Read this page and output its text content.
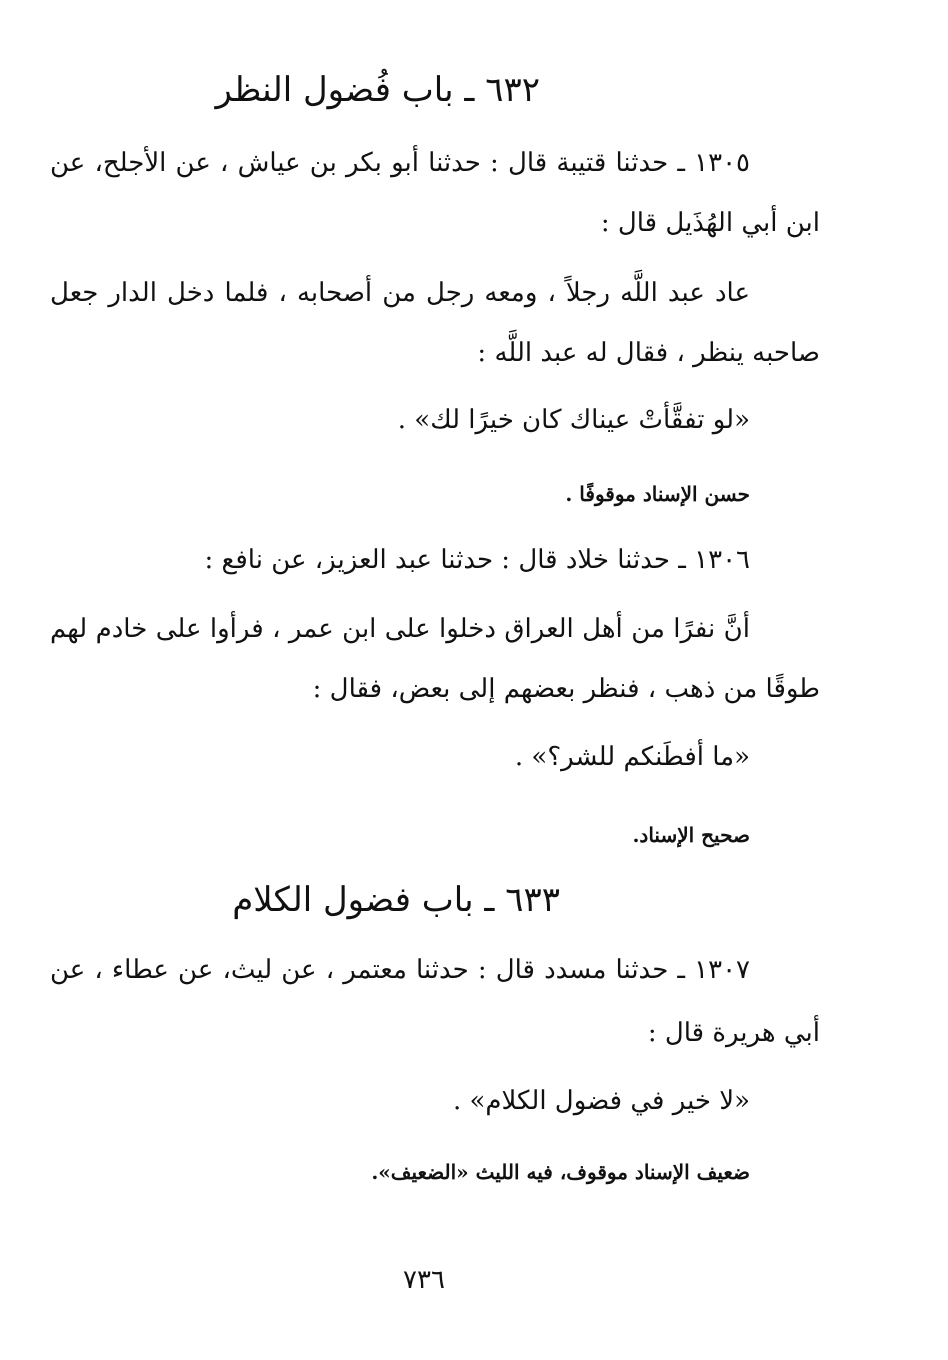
٦٣٢ ـ باب فُضول النظر
١٣٠٥ ـ حدثنا قتيبة قال : حدثنا أبو بكر بن عياش ، عن الأجلح، عن
ابن أبي الهُذَيل قال :
عاد عبد اللَّه رجلاً ، ومعه رجل من أصحابه ، فلما دخل الدار جعل
صاحبه ينظر ، فقال له عبد اللَّه :
«لو تفقَّأتْ عيناك كان خيرًا لك» .
حسن الإسناد موقوفًا .
١٣٠٦ ـ حدثنا خلاد قال : حدثنا عبد العزيز، عن نافع :
أنَّ نفرًا من أهل العراق دخلوا على ابن عمر ، فرأوا على خادم لهم
طوقًا من ذهب ، فنظر بعضهم إلى بعض، فقال :
«ما أفطَنكم للشر؟» .
صحيح الإسناد.
٦٣٣ ـ باب فضول الكلام
١٣٠٧ ـ حدثنا مسدد قال : حدثنا معتمر ، عن ليث، عن عطاء ، عن
أبي هريرة قال :
«لا خير في فضول الكلام» .
ضعيف الإسناد موقوف، فيه الليث «الضعيف».
٧٣٦
